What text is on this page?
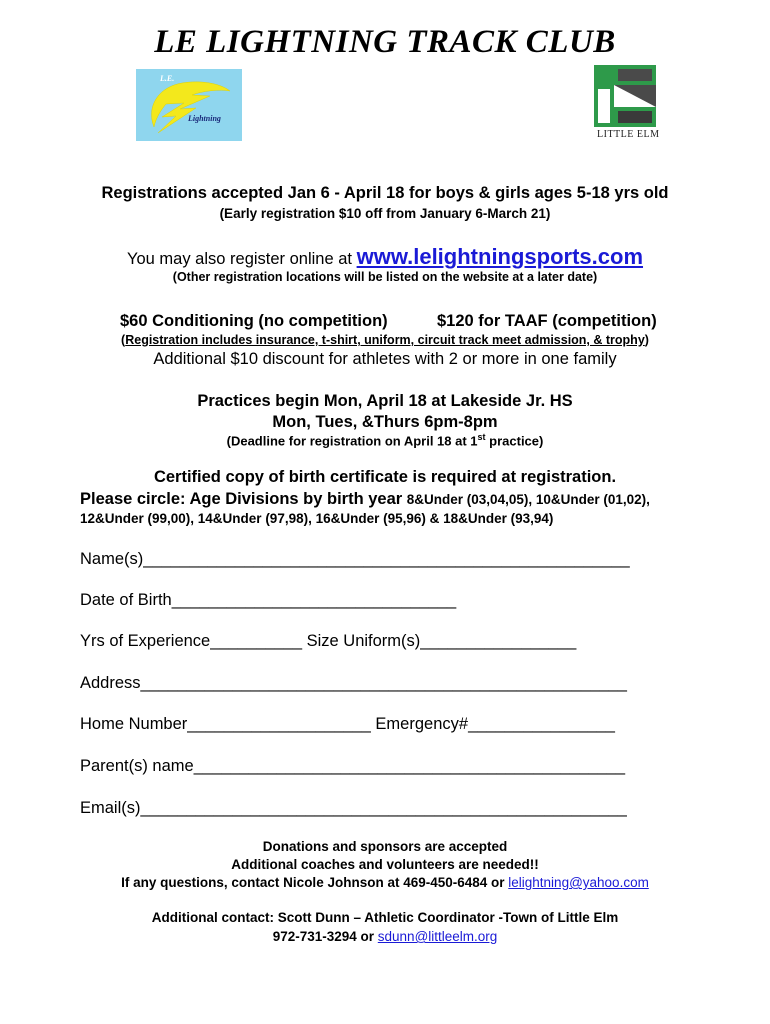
LE LIGHTNING TRACK CLUB
L.E.
Lightning
LITTLE ELM
Registrations accepted Jan 6 - April 18 for boys & girls ages 5-18 yrs old
(Early registration $10 off from January 6-March 21)
You may also register online at www.lelightningsports.com
(Other registration locations will be listed on the website at a later date)
$60 Conditioning (no competition)	$120 for TAAF (competition)
(Registration includes insurance, t-shirt, uniform, circuit track meet admission, & trophy)
Additional $10 discount for athletes with 2 or more in one family
Practices begin Mon, April 18 at Lakeside Jr. HS
Mon, Tues, &Thurs 6pm-8pm
(Deadline for registration on April 18 at 1st practice)
Certified copy of birth certificate is required at registration.
Please circle: Age Divisions by birth year 8&Under (03,04,05), 10&Under (01,02),
12&Under (99,00), 14&Under (97,98), 16&Under (95,96) & 18&Under (93,94)
Name(s)_____________________________________________________
Date of Birth_______________________________
Yrs of Experience__________ Size Uniform(s)_________________
Address_____________________________________________________
Home Number____________________ Emergency#________________
Parent(s) name_______________________________________________
Email(s)_____________________________________________________
Donations and sponsors are accepted
Additional coaches and volunteers are needed!!
If any questions, contact Nicole Johnson at 469-450-6484 or lelightning@yahoo.com
Additional contact: Scott Dunn – Athletic Coordinator -Town of Little Elm
972-731-3294 or sdunn@littleelm.org
